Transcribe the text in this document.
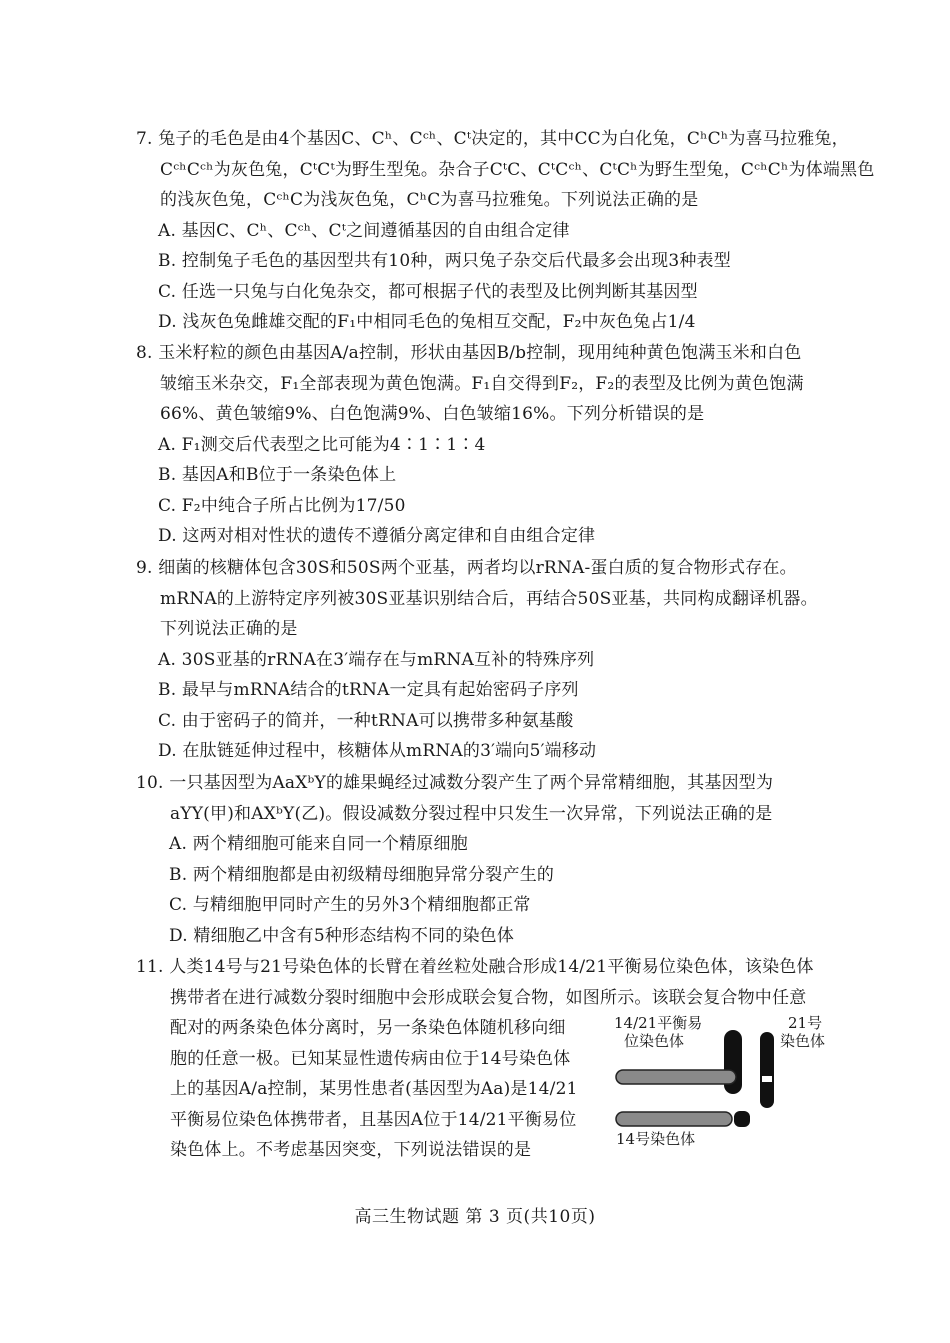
7. 兔子的毛色是由4个基因C、Cʰ、Cᶜʰ、Cᵗ决定的，其中CC为白化兔，CʰCʰ为喜马拉雅兔，
CᶜʰCᶜʰ为灰色兔，CᵗCᵗ为野生型兔。杂合子CᵗC、CᵗCᶜʰ、CᵗCʰ为野生型兔，CᶜʰCʰ为体端黑色
的浅灰色兔，CᶜʰC为浅灰色兔，CʰC为喜马拉雅兔。下列说法正确的是
A. 基因C、Cʰ、Cᶜʰ、Cᵗ之间遵循基因的自由组合定律
B. 控制兔子毛色的基因型共有10种，两只兔子杂交后代最多会出现3种表型
C. 任选一只兔与白化兔杂交，都可根据子代的表型及比例判断其基因型
D. 浅灰色兔雌雄交配的F₁中相同毛色的兔相互交配，F₂中灰色兔占1/4
8. 玉米籽粒的颜色由基因A/a控制，形状由基因B/b控制，现用纯种黄色饱满玉米和白色
皱缩玉米杂交，F₁全部表现为黄色饱满。F₁自交得到F₂，F₂的表型及比例为黄色饱满
66%、黄色皱缩9%、白色饱满9%、白色皱缩16%。下列分析错误的是
A. F₁测交后代表型之比可能为4∶1∶1∶4
B. 基因A和B位于一条染色体上
C. F₂中纯合子所占比例为17/50
D. 这两对相对性状的遗传不遵循分离定律和自由组合定律
9. 细菌的核糖体包含30S和50S两个亚基，两者均以rRNA-蛋白质的复合物形式存在。
mRNA的上游特定序列被30S亚基识别结合后，再结合50S亚基，共同构成翻译机器。
下列说法正确的是
A. 30S亚基的rRNA在3′端存在与mRNA互补的特殊序列
B. 最早与mRNA结合的tRNA一定具有起始密码子序列
C. 由于密码子的简并，一种tRNA可以携带多种氨基酸
D. 在肽链延伸过程中，核糖体从mRNA的3′端向5′端移动
10. 一只基因型为AaXᵇY的雄果蝇经过减数分裂产生了两个异常精细胞，其基因型为
aYY(甲)和AXᵇY(乙)。假设减数分裂过程中只发生一次异常，下列说法正确的是
A. 两个精细胞可能来自同一个精原细胞
B. 两个精细胞都是由初级精母细胞异常分裂产生的
C. 与精细胞甲同时产生的另外3个精细胞都正常
D. 精细胞乙中含有5种形态结构不同的染色体
11. 人类14号与21号染色体的长臂在着丝粒处融合形成14/21平衡易位染色体，该染色体
携带者在进行减数分裂时细胞中会形成联会复合物，如图所示。该联会复合物中任意
配对的两条染色体分离时，另一条染色体随机移向细
胞的任意一极。已知某显性遗传病由位于14号染色体
上的基因A/a控制，某男性患者(基因型为Aa)是14/21
平衡易位染色体携带者，且基因A位于14/21平衡易位
染色体上。不考虑基因突变，下列说法错误的是
14/21平衡易
位染色体
21号
染色体
14号染色体
高三生物试题 第 3 页(共10页)
